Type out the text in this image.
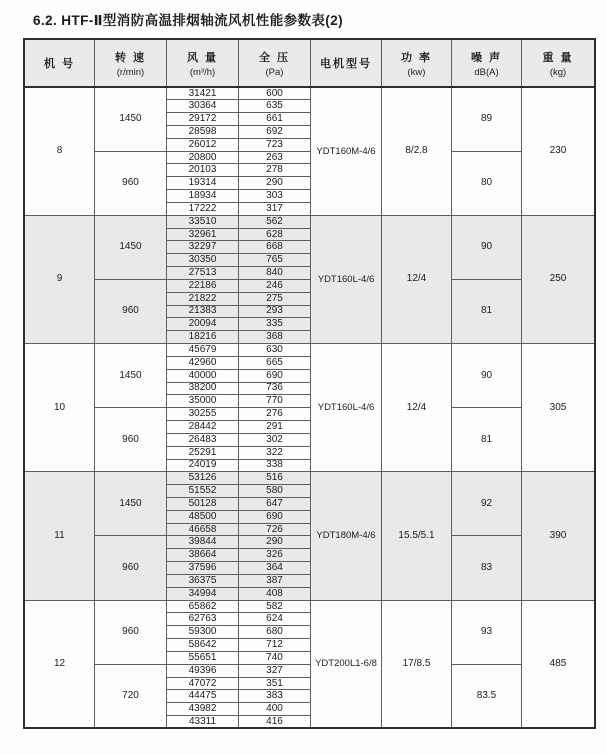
6.2. HTF-Ⅱ型消防高温排烟轴流风机性能参数表(2)
机 号

转 速
(r/min)

风 量
(m³/h)

全 压
(Pa)

电机型号

功 率
(kw)

噪 声
dB(A)

重 量
(kg)

8	1450	31421	600	YDT160M-4/6	8/2.8	89	230
		30364	635				
		29172	661				
		28598	692				
		26012	723				
	960	20800	263			80	
		20103	278				
		19314	290				
		18934	303				
		17222	317				
9	1450	33510	562	YDT160L-4/6	12/4	90	250
		32961	628				
		32297	668				
		30350	765				
		27513	840				
	960	22186	246			81	
		21822	275				
		21383	293				
		20094	335				
		18216	368				
10	1450	45679	630	YDT160L-4/6	12/4	90	305
		42960	665				
		40000	690				
		38200	736				
		35000	770				
	960	30255	276			81	
		28442	291				
		26483	302				
		25291	322				
		24019	338				
11	1450	53126	516	YDT180M-4/6	15.5/5.1	92	390
		51552	580				
		50128	647				
		48500	690				
		46658	726				
	960	39844	290			83	
		38664	326				
		37596	364				
		36375	387				
		34994	408				
12	960	65862	582	YDT200L1-6/8	17/8.5	93	485
		62763	624				
		59300	680				
		58642	712				
		55651	740				
	720	49396	327			83.5	
		47072	351				
		44475	383				
		43982	400				
		43311	416				
